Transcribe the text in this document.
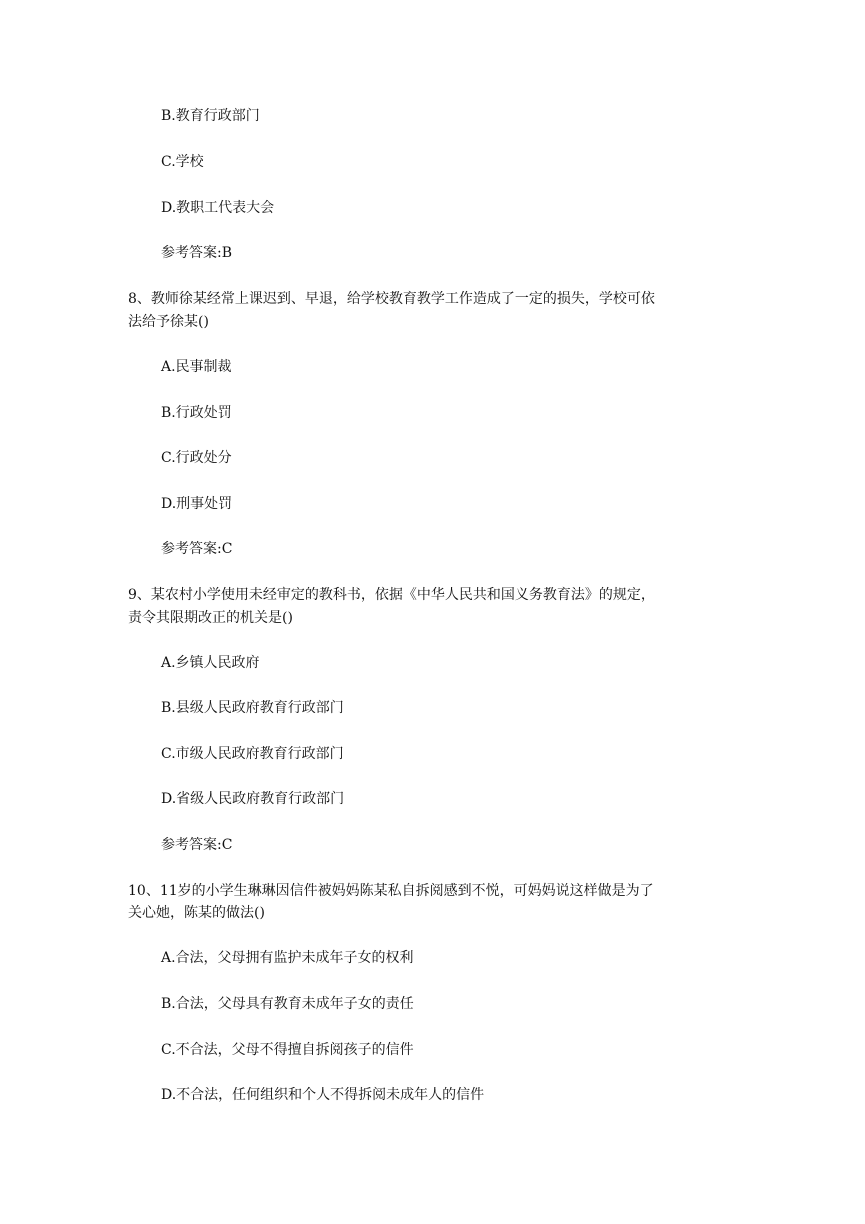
B.教育行政部门
C.学校
D.教职工代表大会
参考答案:B
8、教师徐某经常上课迟到、早退，给学校教育教学工作造成了一定的损失，学校可依
法给予徐某()
A.民事制裁
B.行政处罚
C.行政处分
D.刑事处罚
参考答案:C
9、某农村小学使用未经审定的教科书，依据《中华人民共和国义务教育法》的规定，
责令其限期改正的机关是()
A.乡镇人民政府
B.县级人民政府教育行政部门
C.市级人民政府教育行政部门
D.省级人民政府教育行政部门
参考答案:C
10、11岁的小学生琳琳因信件被妈妈陈某私自拆阅感到不悦，可妈妈说这样做是为了
关心她，陈某的做法()
A.合法，父母拥有监护未成年子女的权利
B.合法，父母具有教育未成年子女的责任
C.不合法，父母不得擅自拆阅孩子的信件
D.不合法，任何组织和个人不得拆阅未成年人的信件
